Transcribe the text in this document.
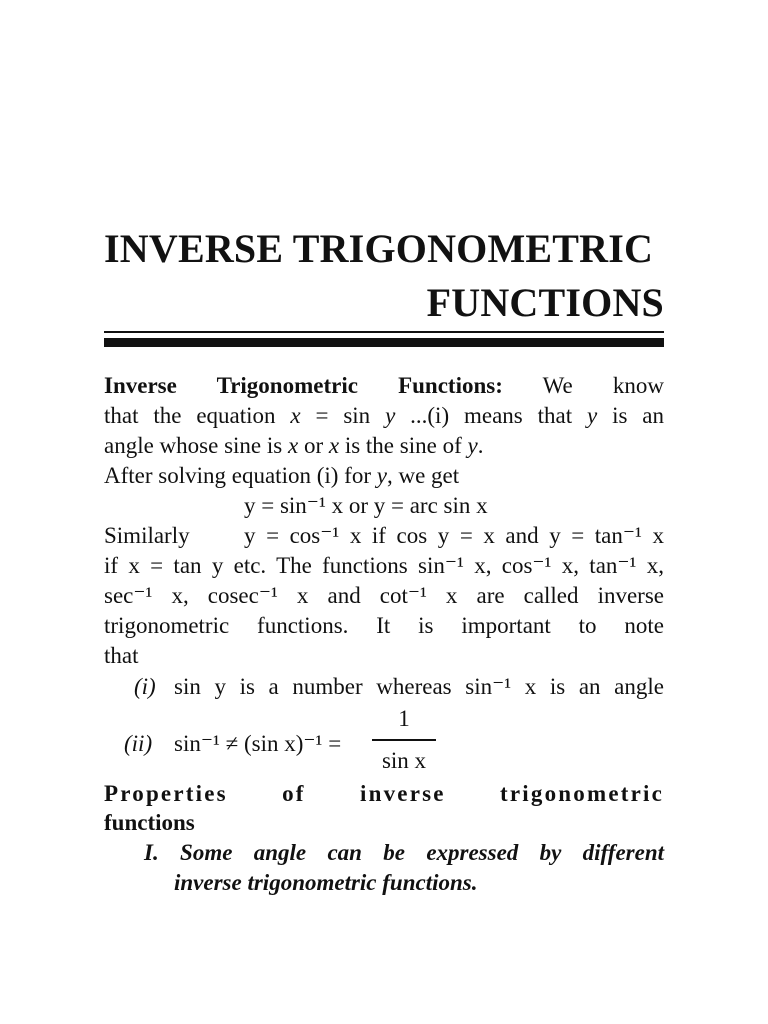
INVERSE TRIGONOMETRIC
FUNCTIONS
Inverse Trigonometric Functions: We know
that the equation x = sin y ...(i) means that y is an
angle whose sine is x or x is the sine of y.
After solving equation (i) for y, we get
y = sin⁻¹ x or y = arc sin x
Similarly y = cos⁻¹ x if cos y = x and y = tan⁻¹ x
if x = tan y etc. The functions sin⁻¹ x, cos⁻¹ x, tan⁻¹ x,
sec⁻¹ x, cosec⁻¹ x and cot⁻¹ x are called inverse
trigonometric functions. It is important to note
that
(i) sin y is a number whereas sin⁻¹ x is an angle
(ii) sin⁻¹ ≠ (sin x)⁻¹ =
1
sin x
Properties of inverse trigonometric
functions
I. Some angle can be expressed by different
inverse trigonometric functions.
